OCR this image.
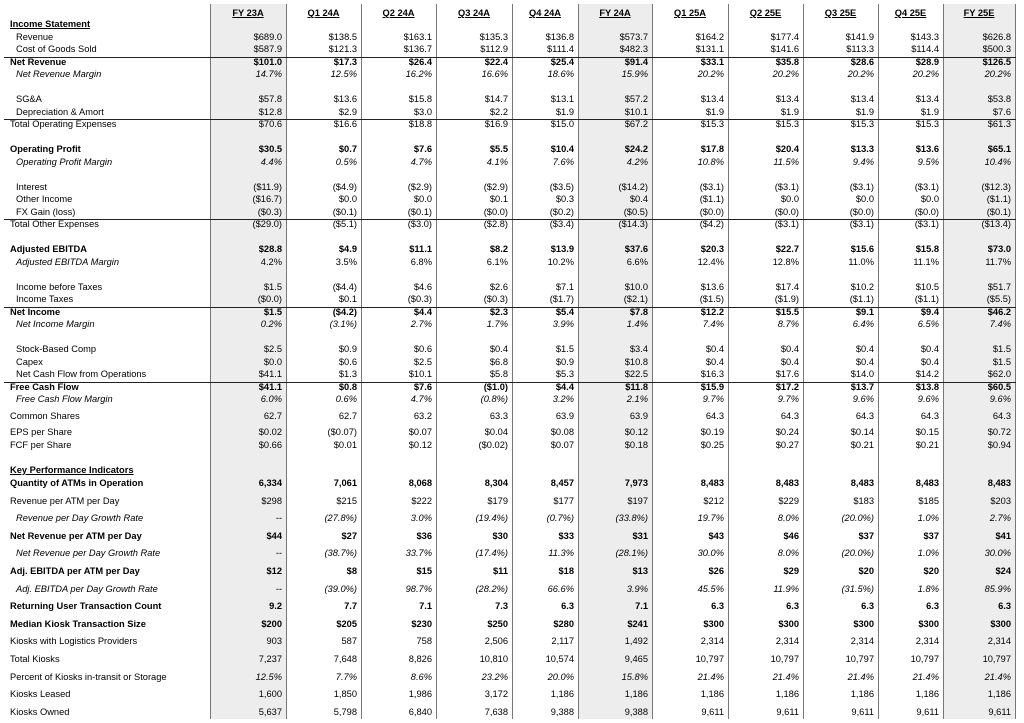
FY 23A	Q1 24A	Q2 24A	Q3 24A	Q4 24A	FY 24A	Q1 25A	Q2 25E	Q3 25E	Q4 25E	FY 25E
Income Statement
Revenue	$689.0	$138.5	$163.1	$135.3	$136.8	$573.7	$164.2	$177.4	$141.9	$143.3	$626.8
Cost of Goods Sold	$587.9	$121.3	$136.7	$112.9	$111.4	$482.3	$131.1	$141.6	$113.3	$114.4	$500.3
Net Revenue	$101.0	$17.3	$26.4	$22.4	$25.4	$91.4	$33.1	$35.8	$28.6	$28.9	$126.5
Net Revenue Margin	14.7%	12.5%	16.2%	16.6%	18.6%	15.9%	20.2%	20.2%	20.2%	20.2%	20.2%
SG&A	$57.8	$13.6	$15.8	$14.7	$13.1	$57.2	$13.4	$13.4	$13.4	$13.4	$53.8
Depreciation & Amort	$12.8	$2.9	$3.0	$2.2	$1.9	$10.1	$1.9	$1.9	$1.9	$1.9	$7.6
Total Operating Expenses	$70.6	$16.6	$18.8	$16.9	$15.0	$67.2	$15.3	$15.3	$15.3	$15.3	$61.3
Operating Profit	$30.5	$0.7	$7.6	$5.5	$10.4	$24.2	$17.8	$20.4	$13.3	$13.6	$65.1
Operating Profit Margin	4.4%	0.5%	4.7%	4.1%	7.6%	4.2%	10.8%	11.5%	9.4%	9.5%	10.4%
Interest	($11.9)	($4.9)	($2.9)	($2.9)	($3.5)	($14.2)	($3.1)	($3.1)	($3.1)	($3.1)	($12.3)
Other Income	($16.7)	$0.0	$0.0	$0.1	$0.3	$0.4	($1.1)	$0.0	$0.0	$0.0	($1.1)
FX Gain (loss)	($0.3)	($0.1)	($0.1)	($0.0)	($0.2)	($0.5)	($0.0)	($0.0)	($0.0)	($0.0)	($0.1)
Total Other Expenses	($29.0)	($5.1)	($3.0)	($2.8)	($3.4)	($14.3)	($4.2)	($3.1)	($3.1)	($3.1)	($13.4)
Adjusted EBITDA	$28.8	$4.9	$11.1	$8.2	$13.9	$37.6	$20.3	$22.7	$15.6	$15.8	$73.0
Adjusted EBITDA Margin	4.2%	3.5%	6.8%	6.1%	10.2%	6.6%	12.4%	12.8%	11.0%	11.1%	11.7%
Income before Taxes	$1.5	($4.4)	$4.6	$2.6	$7.1	$10.0	$13.6	$17.4	$10.2	$10.5	$51.7
Income Taxes	($0.0)	$0.1	($0.3)	($0.3)	($1.7)	($2.1)	($1.5)	($1.9)	($1.1)	($1.1)	($5.5)
Net Income	$1.5	($4.2)	$4.4	$2.3	$5.4	$7.8	$12.2	$15.5	$9.1	$9.4	$46.2
Net Income Margin	0.2%	(3.1%)	2.7%	1.7%	3.9%	1.4%	7.4%	8.7%	6.4%	6.5%	7.4%
Stock-Based Comp	$2.5	$0.9	$0.6	$0.4	$1.5	$3.4	$0.4	$0.4	$0.4	$0.4	$1.5
Capex	$0.0	$0.6	$2.5	$6.8	$0.9	$10.8	$0.4	$0.4	$0.4	$0.4	$1.5
Net Cash Flow from Operations	$41.1	$1.3	$10.1	$5.8	$5.3	$22.5	$16.3	$17.6	$14.0	$14.2	$62.0
Free Cash Flow	$41.1	$0.8	$7.6	($1.0)	$4.4	$11.8	$15.9	$17.2	$13.7	$13.8	$60.5
Free Cash Flow Margin	6.0%	0.6%	4.7%	(0.8%)	3.2%	2.1%	9.7%	9.7%	9.6%	9.6%	9.6%
Common Shares	62.7	62.7	63.2	63.3	63.9	63.9	64.3	64.3	64.3	64.3	64.3
EPS per Share	$0.02	($0.07)	$0.07	$0.04	$0.08	$0.12	$0.19	$0.24	$0.14	$0.15	$0.72
FCF per Share	$0.66	$0.01	$0.12	($0.02)	$0.07	$0.18	$0.25	$0.27	$0.21	$0.21	$0.94
Key Performance Indicators
Quantity of ATMs in Operation	6,334	7,061	8,068	8,304	8,457	7,973	8,483	8,483	8,483	8,483	8,483
Revenue per ATM per Day	$298	$215	$222	$179	$177	$197	$212	$229	$183	$185	$203
Revenue per Day Growth Rate	--	(27.8%)	3.0%	(19.4%)	(0.7%)	(33.8%)	19.7%	8.0%	(20.0%)	1.0%	2.7%
Net Revenue per ATM per Day	$44	$27	$36	$30	$33	$31	$43	$46	$37	$37	$41
Net Revenue per Day Growth Rate	--	(38.7%)	33.7%	(17.4%)	11.3%	(28.1%)	30.0%	8.0%	(20.0%)	1.0%	30.0%
Adj. EBITDA per ATM per Day	$12	$8	$15	$11	$18	$13	$26	$29	$20	$20	$24
Adj. EBITDA per Day Growth Rate	--	(39.0%)	98.7%	(28.2%)	66.6%	3.9%	45.5%	11.9%	(31.5%)	1.8%	85.9%
Returning User Transaction Count	9.2	7.7	7.1	7.3	6.3	7.1	6.3	6.3	6.3	6.3	6.3
Median Kiosk Transaction Size	$200	$205	$230	$250	$280	$241	$300	$300	$300	$300	$300
Kiosks with Logistics Providers	903	587	758	2,506	2,117	1,492	2,314	2,314	2,314	2,314	2,314
Total Kiosks	7,237	7,648	8,826	10,810	10,574	9,465	10,797	10,797	10,797	10,797	10,797
Percent of Kiosks in-transit or Storage	12.5%	7.7%	8.6%	23.2%	20.0%	15.8%	21.4%	21.4%	21.4%	21.4%	21.4%
Kiosks Leased	1,600	1,850	1,986	3,172	1,186	1,186	1,186	1,186	1,186	1,186	1,186
Kiosks Owned	5,637	5,798	6,840	7,638	9,388	9,388	9,611	9,611	9,611	9,611	9,611
